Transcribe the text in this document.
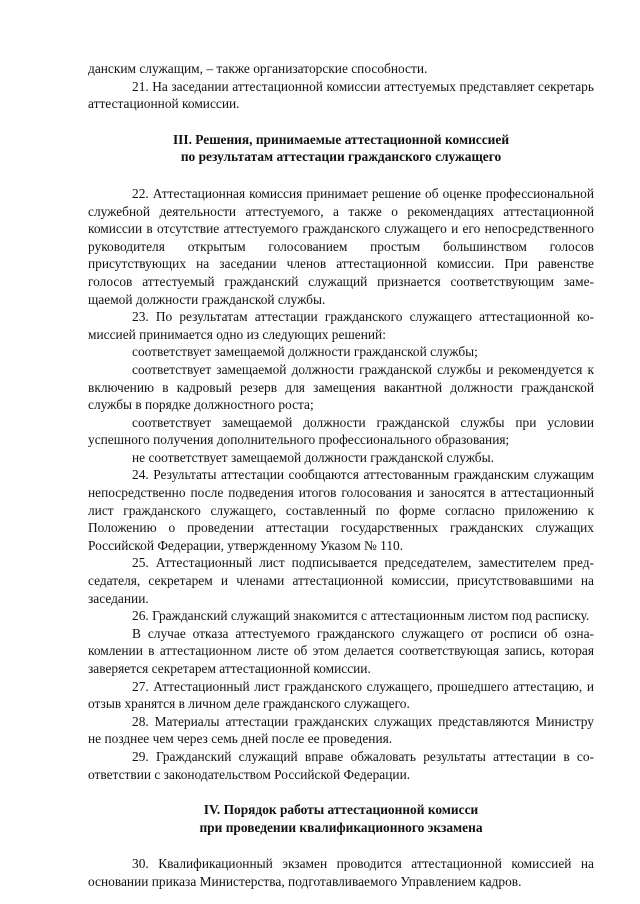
данским служащим, – также организаторские способности.

21. На заседании аттестационной комиссии аттестуемых представляет секретарь аттестационной комиссии.

III. Решения, принимаемые аттестационной комиссией

по результатам аттестации гражданского служащего

22. Аттестационная комиссия принимает решение об оценке профессиональной служебной деятельности аттестуемого, а также о рекомендациях аттестационной комиссии в отсутствие аттестуемого гражданского служащего и его непосредственного руководителя открытым голосованием простым большинством голосов присутствующих на заседании членов аттестационной комиссии. При равенстве голосов аттестуемый гражданский служащий признается соответствующим замещаемой должности гражданской службы.

23. По результатам аттестации гражданского служащего аттестационной комиссией принимается одно из следующих решений:

соответствует замещаемой должности гражданской службы;

соответствует замещаемой должности гражданской службы и рекомендуется к включению в кадровый резерв для замещения вакантной должности гражданской службы в порядке должностного роста;

соответствует замещаемой должности гражданской службы при условии успешного получения дополнительного профессионального образования;

не соответствует замещаемой должности гражданской службы.

24. Результаты аттестации сообщаются аттестованным гражданским служащим непосредственно после подведения итогов голосования и заносятся в аттестационный лист гражданского служащего, составленный по форме согласно приложению к Положению о проведении аттестации государственных гражданских служащих Российской Федерации, утвержденному Указом № 110.

25. Аттестационный лист подписывается председателем, заместителем председателя, секретарем и членами аттестационной комиссии, присутствовавшими на заседании.

26. Гражданский служащий знакомится с аттестационным листом под расписку.

В случае отказа аттестуемого гражданского служащего от росписи об ознакомлении в аттестационном листе об этом делается соответствующая запись, которая заверяется секретарем аттестационной комиссии.

27. Аттестационный лист гражданского служащего, прошедшего аттестацию, и отзыв хранятся в личном деле гражданского служащего.

28. Материалы аттестации гражданских служащих представляются Министру не позднее чем через семь дней после ее проведения.

29. Гражданский служащий вправе обжаловать результаты аттестации в соответствии с законодательством Российской Федерации.

IV. Порядок работы аттестационной комисси

при проведении квалификационного экзамена

30. Квалификационный экзамен проводится аттестационной комиссией на основании приказа Министерства, подготавливаемого Управлением кадров.
